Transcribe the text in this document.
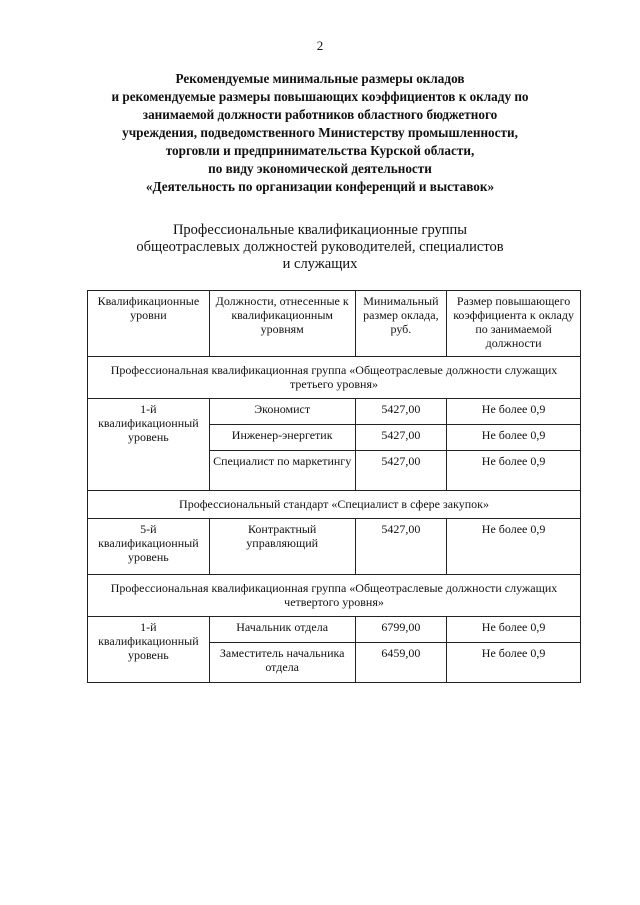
2
Рекомендуемые минимальные размеры окладов
и рекомендуемые размеры повышающих коэффициентов к окладу по
занимаемой должности работников областного бюджетного
учреждения, подведомственного Министерству промышленности,
торговли и предпринимательства Курской области,
по виду экономической деятельности
«Деятельность по организации конференций и выставок»
Профессиональные квалификационные группы
общеотраслевых должностей руководителей, специалистов
и служащих
Квалификационные уровни	Должности, отнесенные к квалификационным уровням	Минимальный размер оклада, руб.	Размер повышающего коэффициента к окладу по занимаемой должности
Профессиональная квалификационная группа «Общеотраслевые должности служащих третьего уровня»			
1-й квалификационный уровень	Экономист	5427,00	Не более 0,9
	Инженер-энергетик	5427,00	Не более 0,9
	Специалист по маркетингу	5427,00	Не более 0,9
Профессиональный стандарт «Специалист в сфере закупок»			
5-й квалификационный уровень	Контрактный управляющий	5427,00	Не более 0,9
Профессиональная квалификационная группа «Общеотраслевые должности служащих четвертого уровня»			
1-й квалификационный уровень	Начальник отдела	6799,00	Не более 0,9
	Заместитель начальника отдела	6459,00	Не более 0,9
